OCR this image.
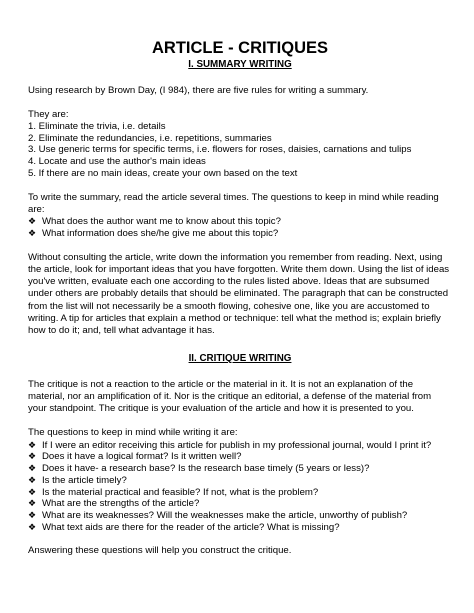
ARTICLE - CRITIQUES
I. SUMMARY WRITING

Using research by Brown Day, (I 984), there are five rules for writing a summary.

They are:

1. Eliminate the trivia, i.e. details
2. Eliminate the redundancies, i.e. repetitions, summaries
3. Use generic terms for specific terms, i.e. flowers for roses, daisies, carnations and tulips
4. Locate and use the author's main ideas
5. If there are no main ideas, create your own based on the text

To write the summary, read the article several times. The questions to keep in mind while reading are:

❖ What does the author want me to know about this topic?
❖ What information does she/he give me about this topic?

Without consulting the article, write down the information you remember from reading. Next, using the article, look for important ideas that you have forgotten. Write them down. Using the list of ideas you've written, evaluate each one according to the rules listed above. Ideas that are subsumed under others are probably details that should be eliminated. The paragraph that can be constructed from the list will not necessarily be a smooth flowing, cohesive one, like you are accustomed to writing. A tip for articles that explain a method or technique: tell what the method is; explain briefly how to do it; and, tell what advantage it has.

II. CRITIQUE WRITING

The critique is not a reaction to the article or the material in it. It is not an explanation of the material, nor an amplification of it. Nor is the critique an editorial, a defense of the material from your standpoint. The critique is your evaluation of the article and how it is presented to you.

The questions to keep in mind while writing it are:

❖ If I were an editor receiving this article for publish in my professional journal, would I print it?
❖ Does it have a logical format? Is it written well?
❖ Does it have- a research base? Is the research base timely (5 years or less)?
❖ Is the article timely?
❖ Is the material practical and feasible? If not, what is the problem?
❖ What are the strengths of the article?
❖ What are its weaknesses? Will the weaknesses make the article, unworthy of publish?
❖ What text aids are there for the reader of the article? What is missing?

Answering these questions will help you construct the critique.
